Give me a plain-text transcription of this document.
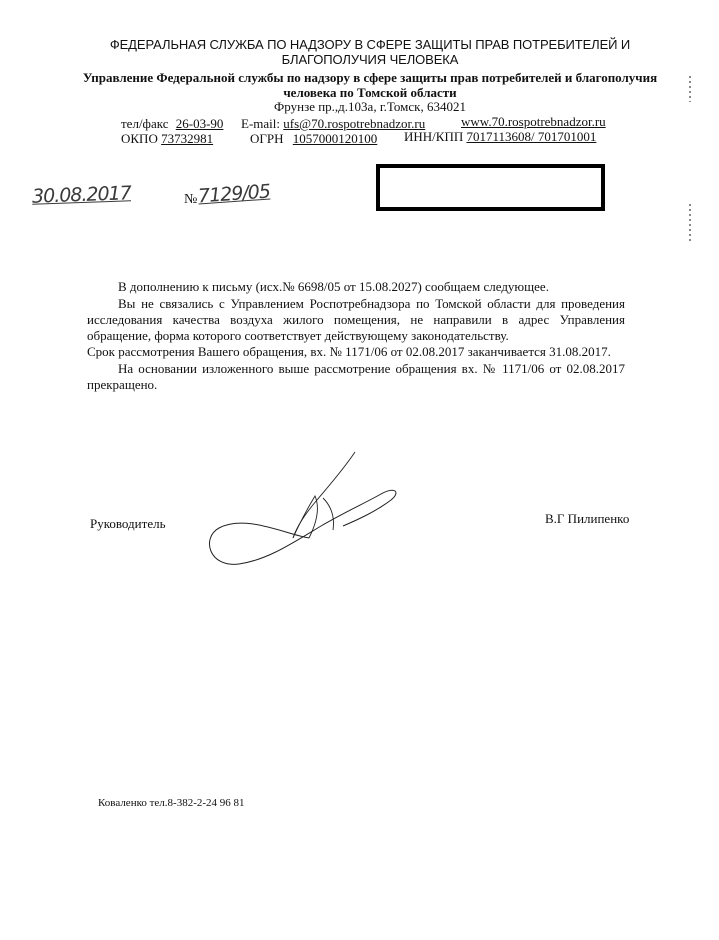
ФЕДЕРАЛЬНАЯ СЛУЖБА ПО НАДЗОРУ В СФЕРЕ ЗАЩИТЫ ПРАВ ПОТРЕБИТЕЛЕЙ И БЛАГОПОЛУЧИЯ ЧЕЛОВЕКА
Управление Федеральной службы по надзору в сфере защиты прав потребителей и благополучия человека по Томской области
Фрунзе пр.,д.103а, г.Томск, 634021
тел/факс 26-03-90 E-mail: ufs@70.rospotrebnadzor.ru	www.70.rospotrebnadzor.ru
ОКПО 73732981	ОГРН 1057000120100 ИНН/КПП 7017113608/ 701701001
30.08.2017	№ 7129/05
В дополнению к письму (исх.№ 6698/05 от 15.08.2027) сообщаем следующее.
Вы не связались с Управлением Роспотребнадзора по Томской области для проведения исследования качества воздуха жилого помещения, не направили в адрес Управления обращение, форма которого соответствует действующему законодательству.
Срок рассмотрения Вашего обращения, вх. № 1171/06 от 02.08.2017 заканчивается 31.08.2017.
На основании изложенного выше рассмотрение обращения вх. № 1171/06 от 02.08.2017 прекращено.
Руководитель	В.Г Пилипенко
Коваленко тел.8-382-2-24 96 81
